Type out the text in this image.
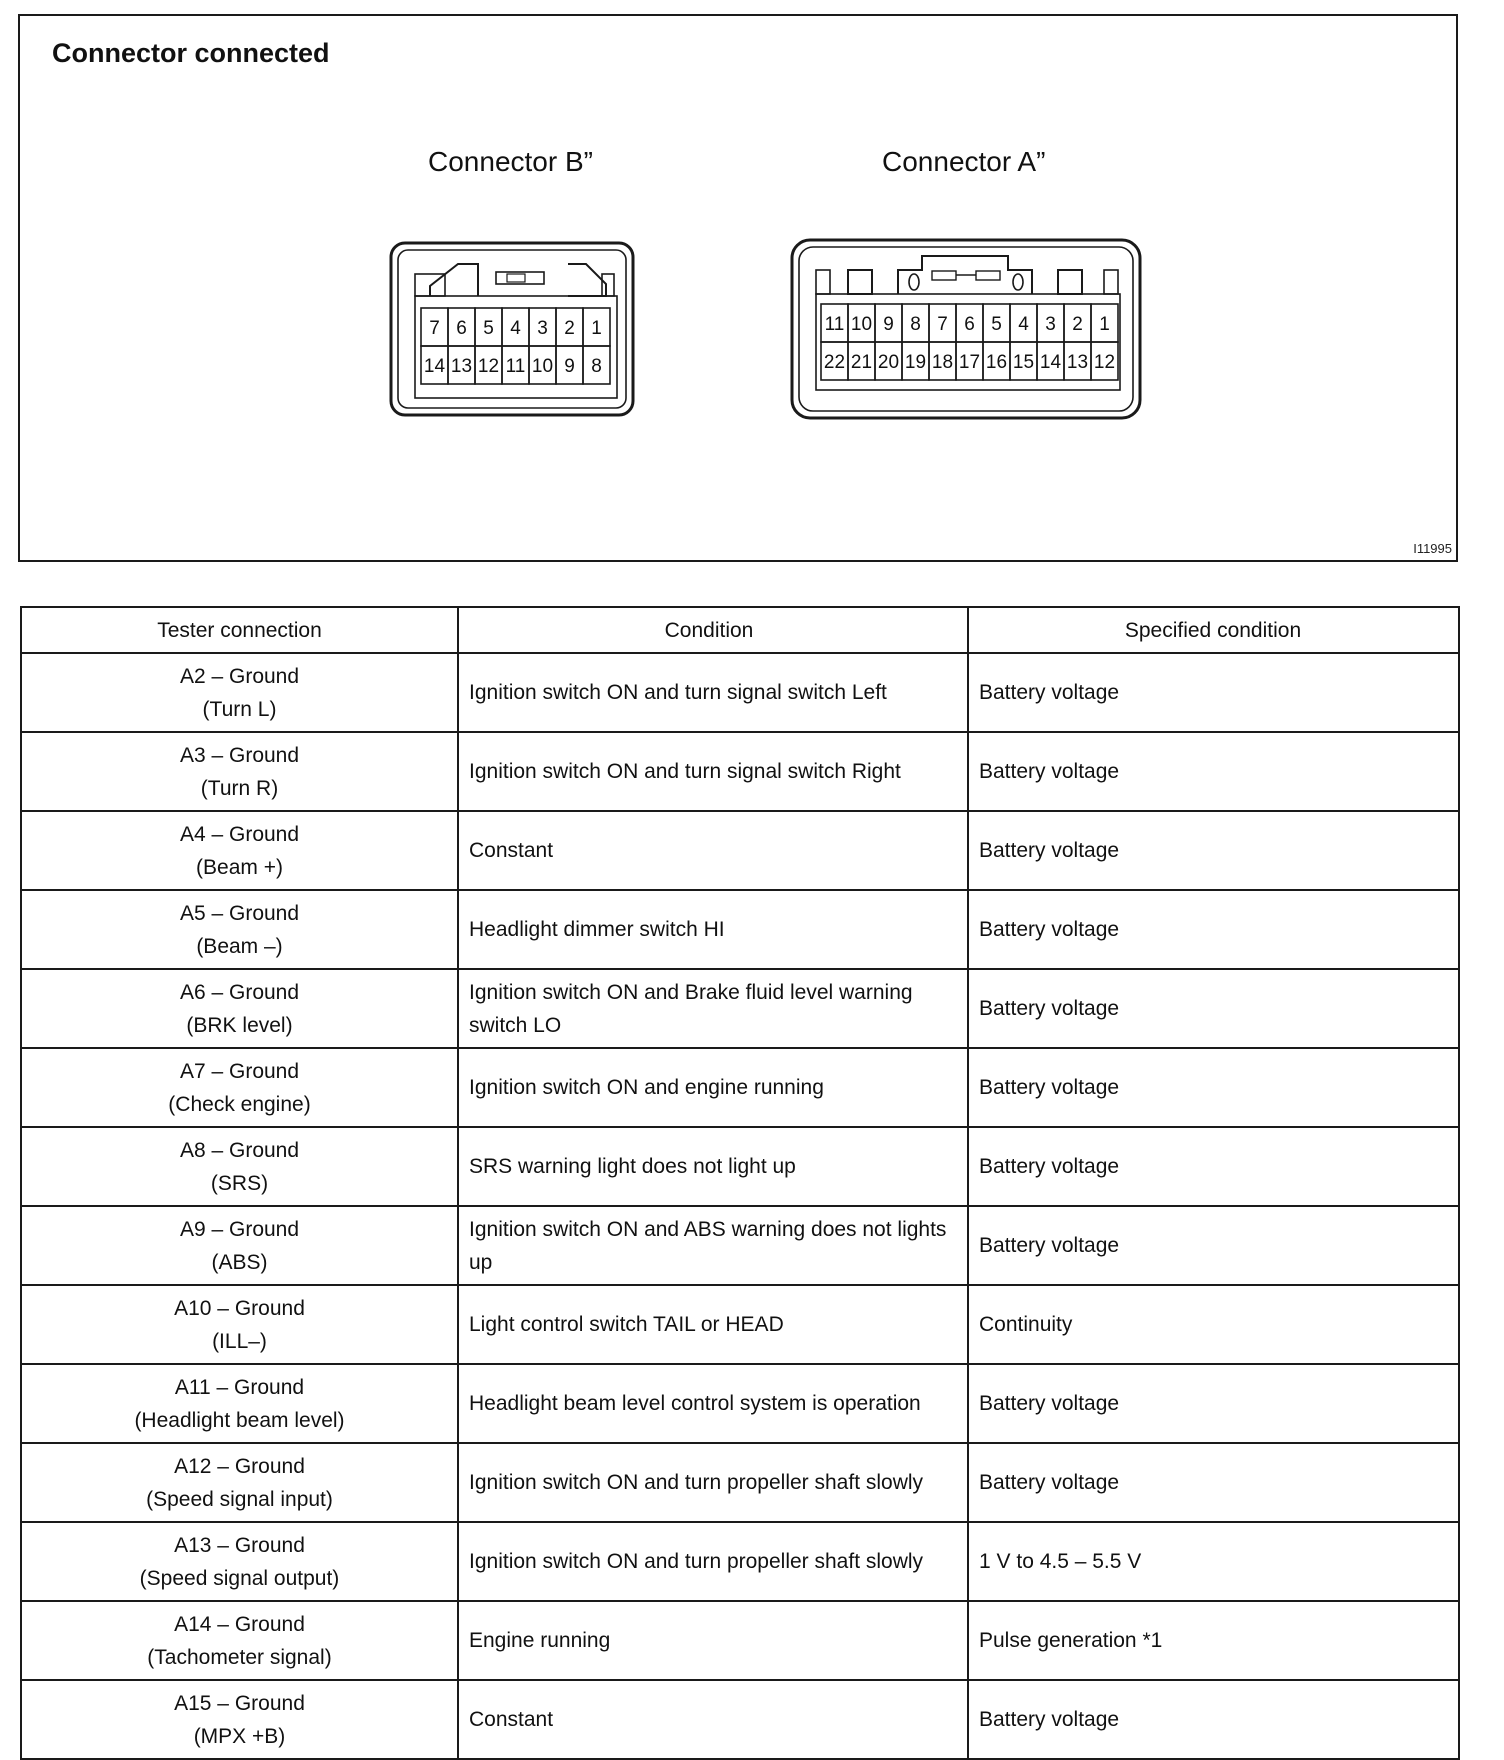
Connector connected
Connector B”	Connector A”
7 6 5 4 3 2 1
14 13 12 11 10 9 8
11 10 9 8 7 6 5 4 3 2 1
22 21 20 19 18 17 16 15 14 13 12
I11995
Tester connection	Condition	Specified condition

A2 – Ground
(Turn L)	Ignition switch ON and turn signal switch Left	Battery voltage

A3 – Ground
(Turn R)	Ignition switch ON and turn signal switch Right	Battery voltage

A4 – Ground
(Beam +)	Constant	Battery voltage

A5 – Ground
(Beam –)	Headlight dimmer switch HI	Battery voltage

A6 – Ground
(BRK level)	Ignition switch ON and Brake fluid level warning switch LO	Battery voltage

A7 – Ground
(Check engine)	Ignition switch ON and engine running	Battery voltage

A8 – Ground
(SRS)	SRS warning light does not light up	Battery voltage

A9 – Ground
(ABS)	Ignition switch ON and ABS warning does not lights up	Battery voltage

A10 – Ground
(ILL–)	Light control switch TAIL or HEAD	Continuity

A11 – Ground
(Headlight beam level)	Headlight beam level control system is operation	Battery voltage

A12 – Ground
(Speed signal input)	Ignition switch ON and turn propeller shaft slowly	Battery voltage

A13 – Ground
(Speed signal output)	Ignition switch ON and turn propeller shaft slowly	1 V to 4.5 – 5.5 V

A14 – Ground
(Tachometer signal)	Engine running	Pulse generation *1

A15 – Ground
(MPX +B)	Constant	Battery voltage
